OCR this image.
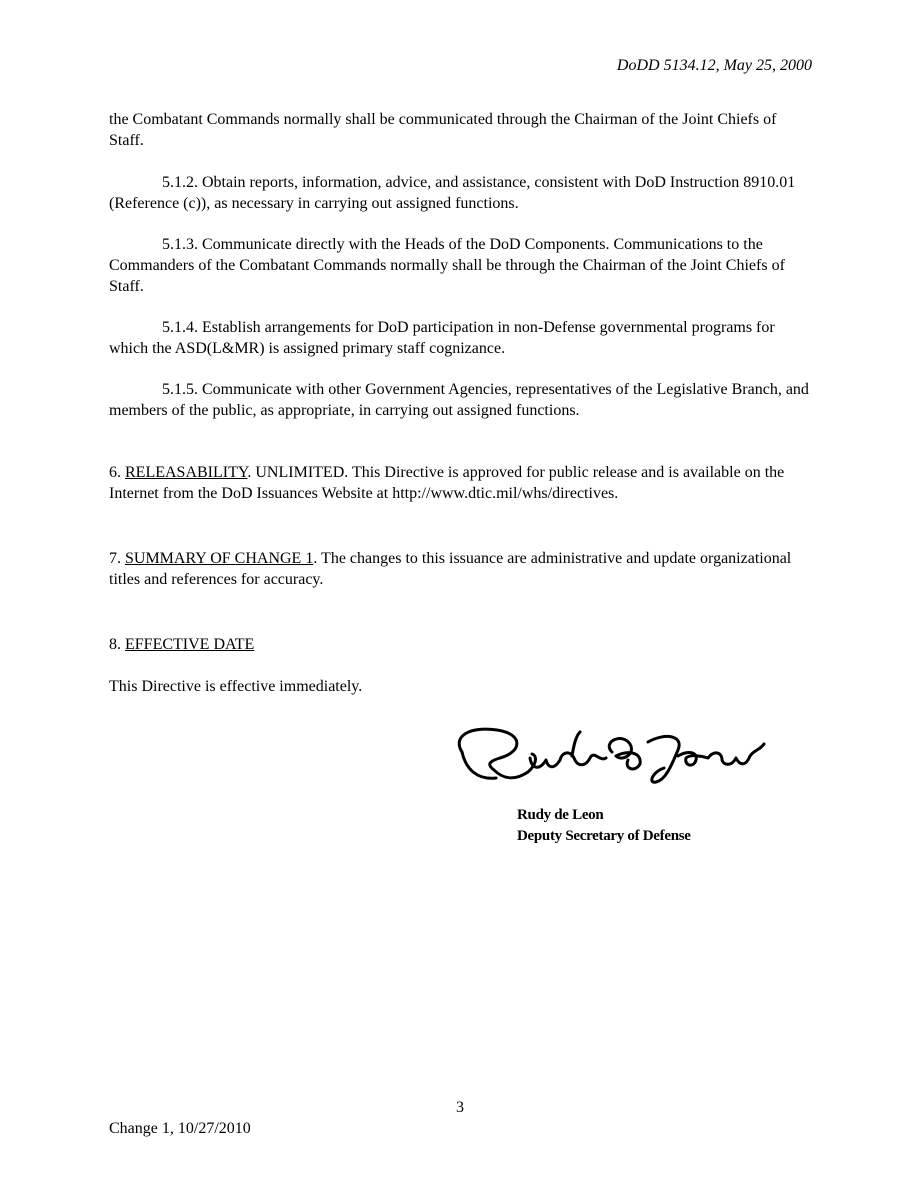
DoDD 5134.12, May 25, 2000

the Combatant Commands normally shall be communicated through the Chairman of the Joint Chiefs of Staff.

5.1.2. Obtain reports, information, advice, and assistance, consistent with DoD Instruction 8910.01 (Reference (c)), as necessary in carrying out assigned functions.

5.1.3. Communicate directly with the Heads of the DoD Components. Communications to the Commanders of the Combatant Commands normally shall be through the Chairman of the Joint Chiefs of Staff.

5.1.4. Establish arrangements for DoD participation in non-Defense governmental programs for which the ASD(L&MR) is assigned primary staff cognizance.

5.1.5. Communicate with other Government Agencies, representatives of the Legislative Branch, and members of the public, as appropriate, in carrying out assigned functions.

6. RELEASABILITY. UNLIMITED. This Directive is approved for public release and is available on the Internet from the DoD Issuances Website at http://www.dtic.mil/whs/directives.

7. SUMMARY OF CHANGE 1. The changes to this issuance are administrative and update organizational titles and references for accuracy.

8. EFFECTIVE DATE

This Directive is effective immediately.

Rudy de Leon
Deputy Secretary of Defense
3
Change 1, 10/27/2010
